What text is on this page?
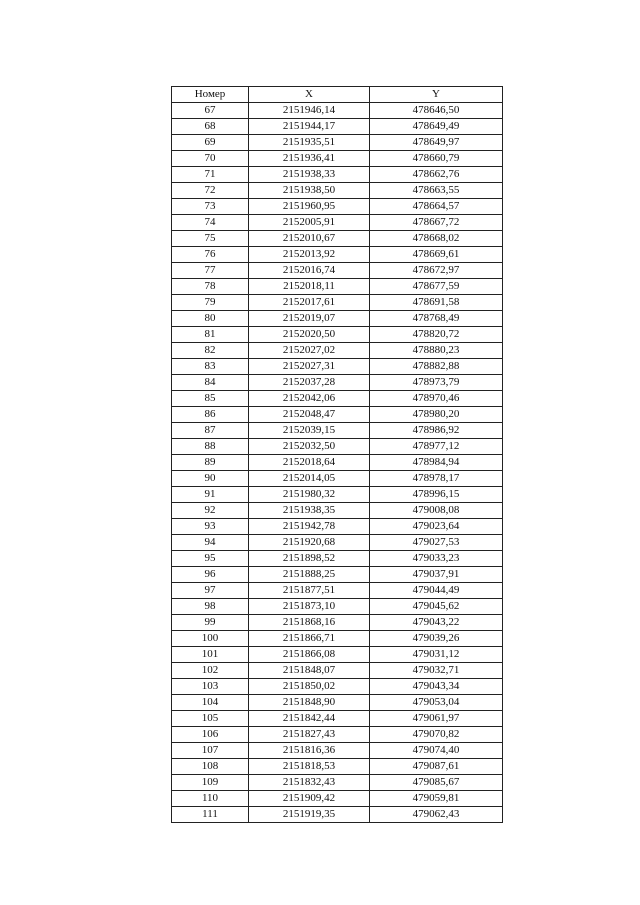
Номер	X	Y
67	2151946,14	478646,50
68	2151944,17	478649,49
69	2151935,51	478649,97
70	2151936,41	478660,79
71	2151938,33	478662,76
72	2151938,50	478663,55
73	2151960,95	478664,57
74	2152005,91	478667,72
75	2152010,67	478668,02
76	2152013,92	478669,61
77	2152016,74	478672,97
78	2152018,11	478677,59
79	2152017,61	478691,58
80	2152019,07	478768,49
81	2152020,50	478820,72
82	2152027,02	478880,23
83	2152027,31	478882,88
84	2152037,28	478973,79
85	2152042,06	478970,46
86	2152048,47	478980,20
87	2152039,15	478986,92
88	2152032,50	478977,12
89	2152018,64	478984,94
90	2152014,05	478978,17
91	2151980,32	478996,15
92	2151938,35	479008,08
93	2151942,78	479023,64
94	2151920,68	479027,53
95	2151898,52	479033,23
96	2151888,25	479037,91
97	2151877,51	479044,49
98	2151873,10	479045,62
99	2151868,16	479043,22
100	2151866,71	479039,26
101	2151866,08	479031,12
102	2151848,07	479032,71
103	2151850,02	479043,34
104	2151848,90	479053,04
105	2151842,44	479061,97
106	2151827,43	479070,82
107	2151816,36	479074,40
108	2151818,53	479087,61
109	2151832,43	479085,67
110	2151909,42	479059,81
111	2151919,35	479062,43
